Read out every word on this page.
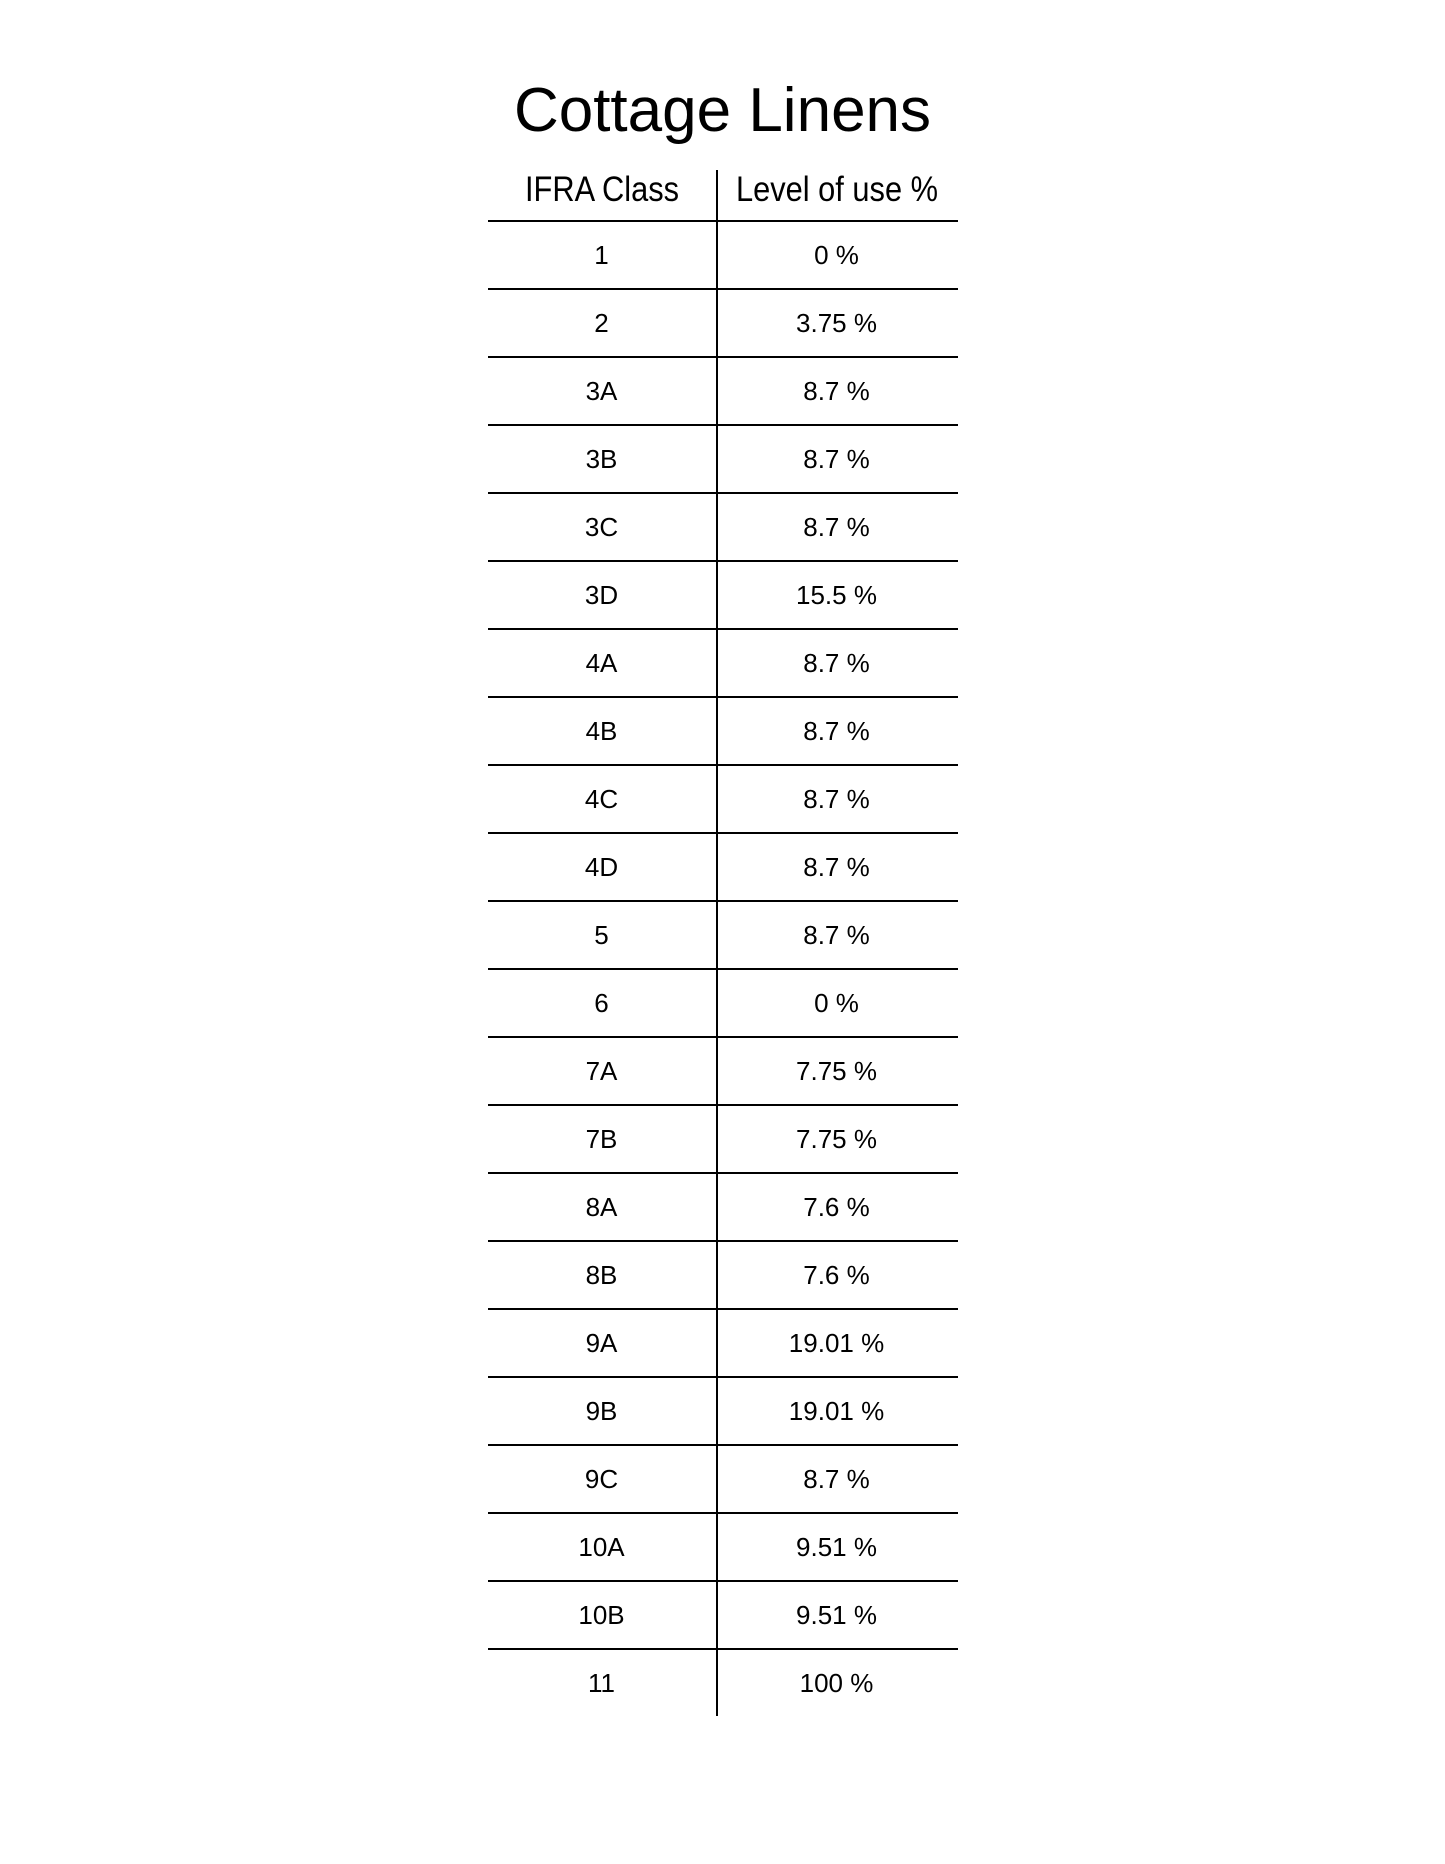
Cottage Linens
IFRA Class	Level of use %
1	0 %
2	3.75 %
3A	8.7 %
3B	8.7 %
3C	8.7 %
3D	15.5 %
4A	8.7 %
4B	8.7 %
4C	8.7 %
4D	8.7 %
5	8.7 %
6	0 %
7A	7.75 %
7B	7.75 %
8A	7.6 %
8B	7.6 %
9A	19.01 %
9B	19.01 %
9C	8.7 %
10A	9.51 %
10B	9.51 %
11	100 %
